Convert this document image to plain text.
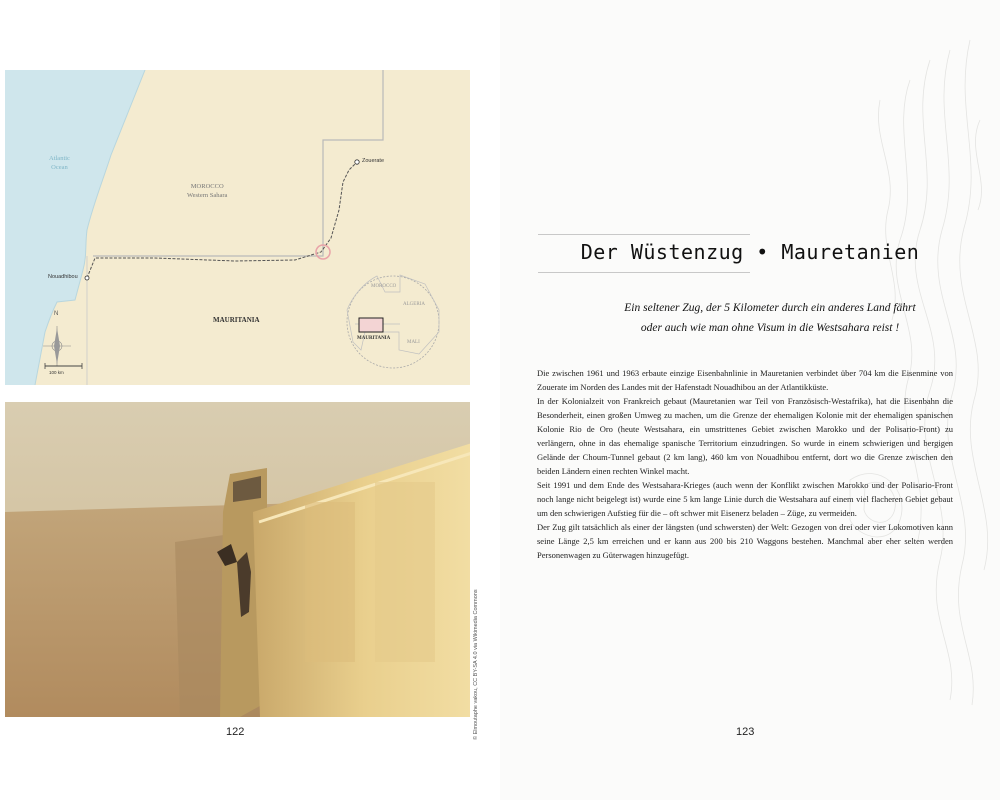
Atlantic
Ocean
MOROCCO
Western Sahara
MAURITANIA
Zouerate
Nouadhibou
N
100 km
MOROCCO
ALGERIA
MAURITANIA
MALI
© Elmoutaphe vakou, CC BY-SA 4.0 via Wikimedia Commons
122
Der Wüstenzug • Mauretanien
Ein seltener Zug, der 5 Kilometer durch ein anderes Land fährt
oder auch wie man ohne Visum in die Westsahara reist !

Die zwischen 1961 und 1963 erbaute einzige Eisenbahnlinie in Mauretanien verbindet über 704 km die Eisenmine von Zouerate im Norden des Landes mit der Hafenstadt Nouadhibou an der Atlantikküste.

In der Kolonialzeit von Frankreich gebaut (Mauretanien war Teil von Französisch-Westafrika), hat die Eisenbahn die Besonderheit, einen großen Umweg zu machen, um die Grenze der ehemaligen Kolonie mit der ehemaligen spanischen Kolonie Rio de Oro (heute Westsahara, ein umstrittenes Gebiet zwischen Marokko und der Polisario-Front) zu verlängern, ohne in das ehemalige spanische Territorium einzudringen. So wurde in einem schwierigen und bergigen Gelände der Choum-Tunnel gebaut (2 km lang), 460 km von Nouadhibou entfernt, dort wo die Grenze zwischen den beiden Ländern einen rechten Winkel macht.

Seit 1991 und dem Ende des Westsahara-Krieges (auch wenn der Konflikt zwischen Marokko und der Polisario-Front noch lange nicht beigelegt ist) wurde eine 5 km lange Linie durch die Westsahara auf einem viel flacheren Gebiet gebaut um den schwierigen Aufstieg für die – oft schwer mit Eisenerz beladen – Züge, zu vermeiden.

Der Zug gilt tatsächlich als einer der längsten (und schwersten) der Welt: Gezogen von drei oder vier Lokomotiven kann seine Länge 2,5 km erreichen und er kann aus 200 bis 210 Waggons bestehen. Manchmal aber eher selten werden Personenwagen zu Güterwagen hinzugefügt.

123
